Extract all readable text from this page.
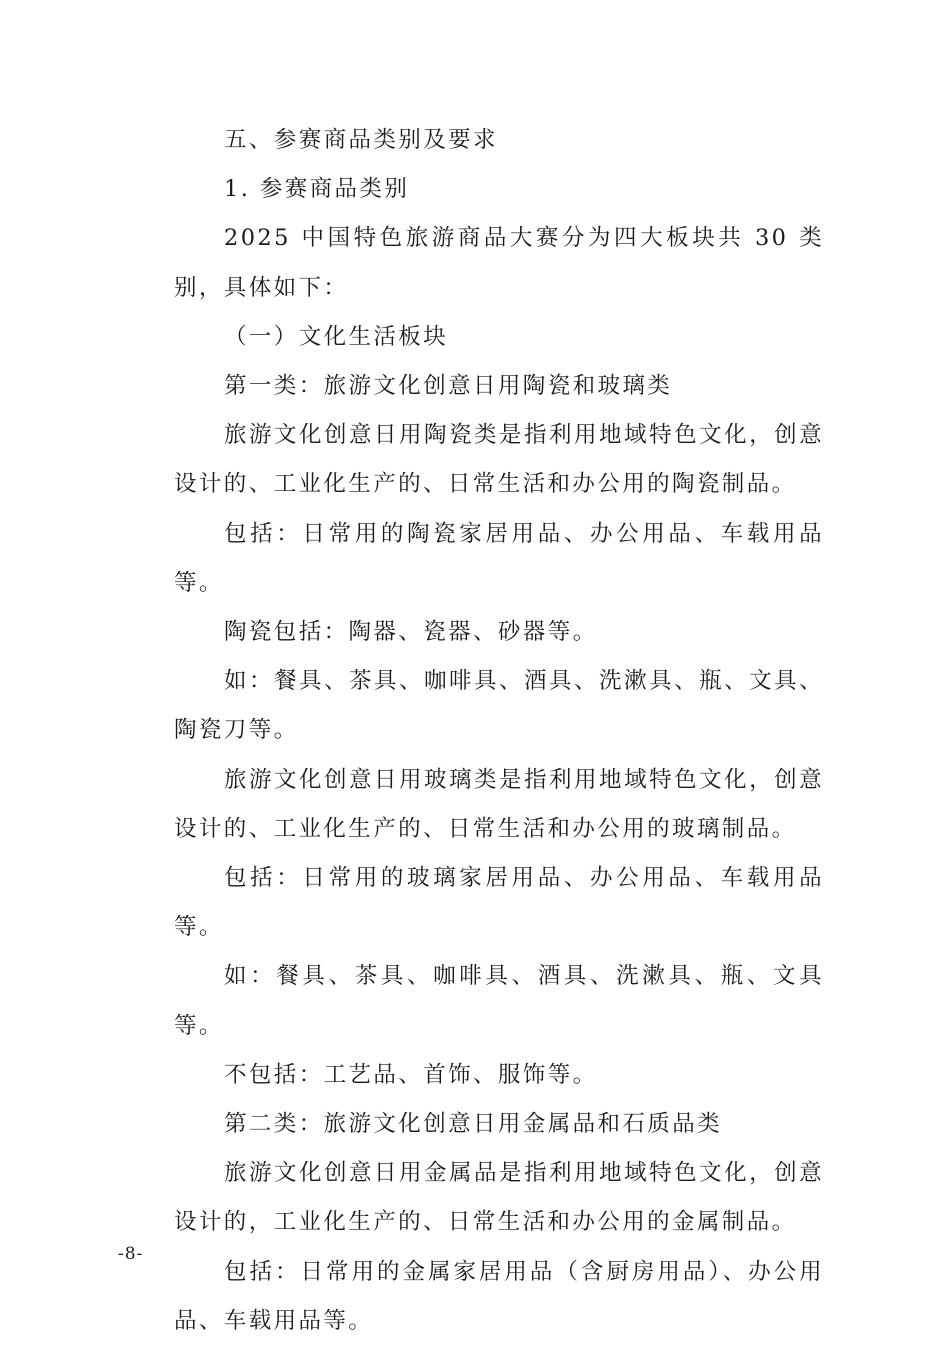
五、参赛商品类别及要求

1. 参赛商品类别

2025 中国特色旅游商品大赛分为四大板块共 30 类别，具体如下：

（一）文化生活板块

第一类：旅游文化创意日用陶瓷和玻璃类

旅游文化创意日用陶瓷类是指利用地域特色文化，创意设计的、工业化生产的、日常生活和办公用的陶瓷制品。

包括：日常用的陶瓷家居用品、办公用品、车载用品等。

陶瓷包括：陶器、瓷器、砂器等。

如：餐具、茶具、咖啡具、酒具、洗漱具、瓶、文具、陶瓷刀等。

旅游文化创意日用玻璃类是指利用地域特色文化，创意设计的、工业化生产的、日常生活和办公用的玻璃制品。

包括：日常用的玻璃家居用品、办公用品、车载用品等。

如：餐具、茶具、咖啡具、酒具、洗漱具、瓶、文具等。

不包括：工艺品、首饰、服饰等。

第二类：旅游文化创意日用金属品和石质品类

旅游文化创意日用金属品是指利用地域特色文化，创意设计的，工业化生产的、日常生活和办公用的金属制品。

包括：日常用的金属家居用品（含厨房用品）、办公用品、车载用品等。

-8-
